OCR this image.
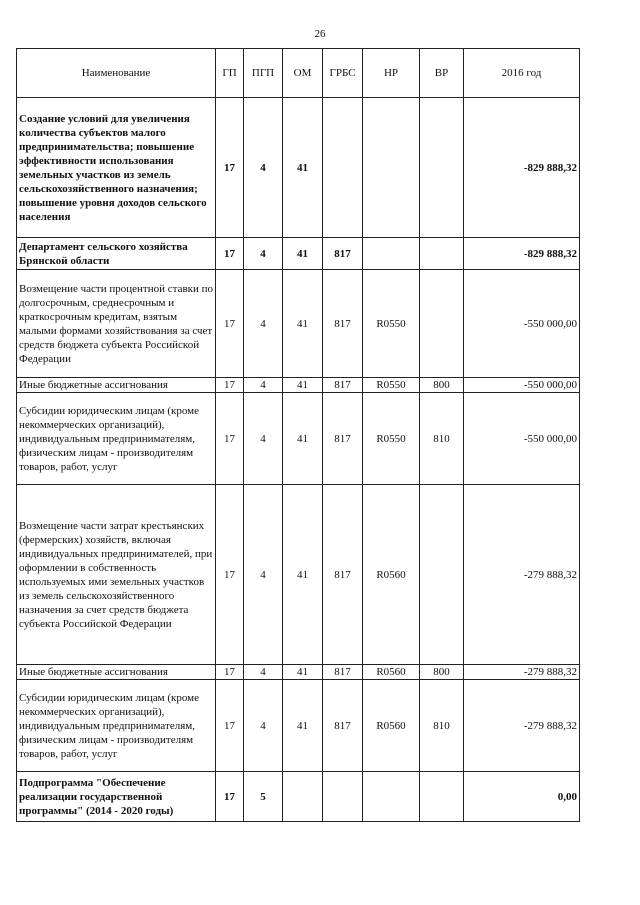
26
Наименование	ГП	ПГП	ОМ	ГРБС	НР	ВР	2016 год
Создание условий для увеличения количества субъектов малого предпринимательства; повышение эффективности использования земельных участков из земель сельскохозяйственного назначения; повышение уровня доходов сельского населения	17	4	41				-829 888,32
Департамент сельского хозяйства Брянской области	17	4	41	817			-829 888,32
Возмещение части процентной ставки по долгосрочным, среднесрочным и краткосрочным кредитам, взятым малыми формами хозяйствования за счет средств бюджета субъекта Российской Федерации	17	4	41	817	R0550		-550 000,00
Иные бюджетные ассигнования	17	4	41	817	R0550	800	-550 000,00
Субсидии юридическим лицам (кроме некоммерческих организаций), индивидуальным предпринимателям, физическим лицам - производителям товаров, работ, услуг	17	4	41	817	R0550	810	-550 000,00
Возмещение части затрат крестьянских (фермерских) хозяйств, включая индивидуальных предпринимателей, при оформлении в собственность используемых ими земельных участков из земель сельскохозяйственного назначения за счет средств бюджета субъекта Российской Федерации	17	4	41	817	R0560		-279 888,32
Иные бюджетные ассигнования	17	4	41	817	R0560	800	-279 888,32
Субсидии юридическим лицам (кроме некоммерческих организаций), индивидуальным предпринимателям, физическим лицам - производителям товаров, работ, услуг	17	4	41	817	R0560	810	-279 888,32
Подпрограмма "Обеспечение реализации государственной программы" (2014 - 2020 годы)	17	5					0,00
